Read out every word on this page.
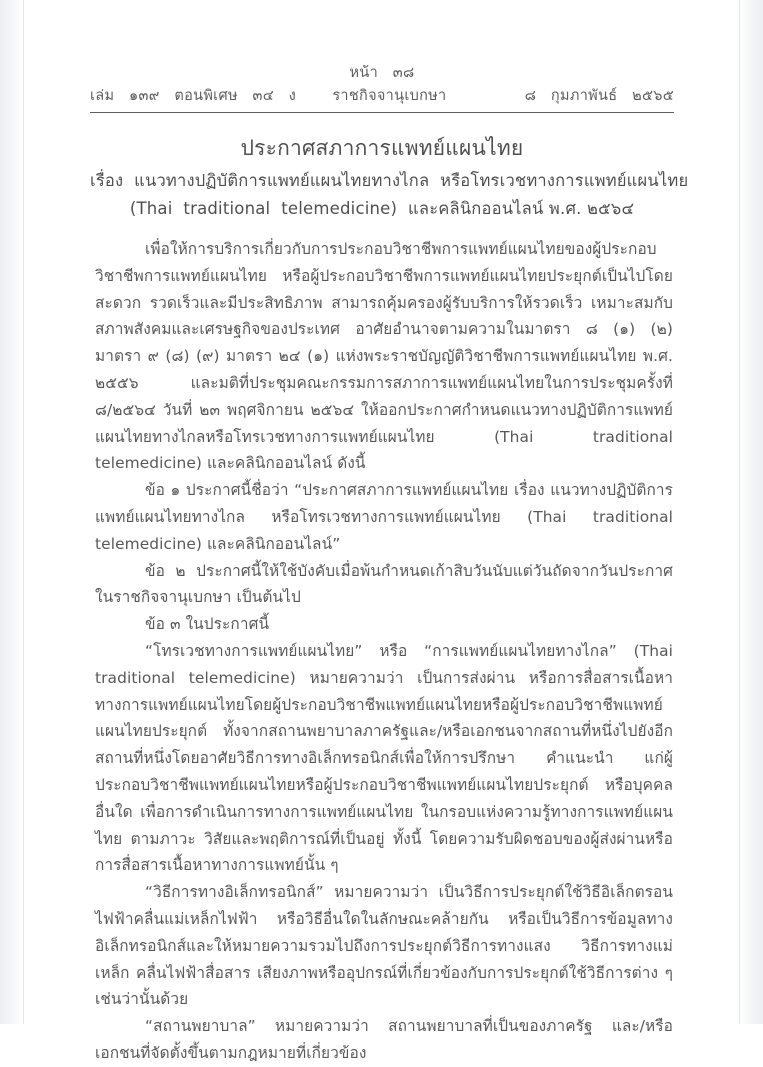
หน้า   ๓๘
เล่ม   ๑๓๙   ตอนพิเศษ   ๓๔   ง	ราชกิจจานุเบกษา	๘   กุมภาพันธ์   ๒๕๖๕
ประกาศสภาการแพทย์แผนไทย
เรื่อง  แนวทางปฏิบัติการแพทย์แผนไทยทางไกล  หรือโทรเวชทางการแพทย์แผนไทย
(Thai  traditional  telemedicine)  และคลินิกออนไลน์ พ.ศ. ๒๕๖๔

เพื่อให้การบริการเกี่ยวกับการประกอบวิชาชีพการแพทย์แผนไทยของผู้ประกอบวิชาชีพการแพทย์แผนไทย หรือผู้ประกอบวิชาชีพการแพทย์แผนไทยประยุกต์เป็นไปโดยสะดวก รวดเร็วและมีประสิทธิภาพ สามารถคุ้มครองผู้รับบริการให้รวดเร็ว เหมาะสมกับสภาพสังคมและเศรษฐกิจของประเทศ อาศัยอำนาจตามความในมาตรา ๘ (๑) (๒) มาตรา ๙ (๘) (๙) มาตรา ๒๔ (๑) แห่งพระราชบัญญัติวิชาชีพการแพทย์แผนไทย พ.ศ. ๒๕๕๖ และมติที่ประชุมคณะกรรมการสภาการแพทย์แผนไทยในการประชุมครั้งที่ ๘/๒๕๖๔ วันที่ ๒๓ พฤศจิกายน ๒๕๖๔ ให้ออกประกาศกำหนดแนวทางปฏิบัติการแพทย์แผนไทยทางไกลหรือโทรเวชทางการแพทย์แผนไทย (Thai traditional telemedicine) และคลินิกออนไลน์ ดังนี้

ข้อ ๑ ประกาศนี้ชื่อว่า “ประกาศสภาการแพทย์แผนไทย เรื่อง แนวทางปฏิบัติการแพทย์แผนไทยทางไกล หรือโทรเวชทางการแพทย์แผนไทย (Thai traditional telemedicine) และคลินิกออนไลน์”

ข้อ ๒ ประกาศนี้ให้ใช้บังคับเมื่อพ้นกำหนดเก้าสิบวันนับแต่วันถัดจากวันประกาศในราชกิจจานุเบกษา เป็นต้นไป

ข้อ ๓ ในประกาศนี้

“โทรเวชทางการแพทย์แผนไทย” หรือ “การแพทย์แผนไทยทางไกล” (Thai traditional telemedicine) หมายความว่า เป็นการส่งผ่าน หรือการสื่อสารเนื้อหาทางการแพทย์แผนไทยโดยผู้ประกอบวิชาชีพแพทย์แผนไทยหรือผู้ประกอบวิชาชีพแพทย์แผนไทยประยุกต์ ทั้งจากสถานพยาบาลภาครัฐและ/หรือเอกชนจากสถานที่หนึ่งไปยังอีกสถานที่หนึ่งโดยอาศัยวิธีการทางอิเล็กทรอนิกส์เพื่อให้การปรึกษา คำแนะนำ แก่ผู้ประกอบวิชาชีพแพทย์แผนไทยหรือผู้ประกอบวิชาชีพแพทย์แผนไทยประยุกต์ หรือบุคคลอื่นใด เพื่อการดำเนินการทางการแพทย์แผนไทย ในกรอบแห่งความรู้ทางการแพทย์แผนไทย ตามภาวะ วิสัยและพฤติการณ์ที่เป็นอยู่ ทั้งนี้ โดยความรับผิดชอบของผู้ส่งผ่านหรือการสื่อสารเนื้อหาทางการแพทย์นั้น ๆ

“วิธีการทางอิเล็กทรอนิกส์” หมายความว่า เป็นวิธีการประยุกต์ใช้วิธีอิเล็กตรอนไฟฟ้าคลื่นแม่เหล็กไฟฟ้า หรือวิธีอื่นใดในลักษณะคล้ายกัน หรือเป็นวิธีการข้อมูลทางอิเล็กทรอนิกส์และให้หมายความรวมไปถึงการประยุกต์วิธีการทางแสง วิธีการทางแม่เหล็ก คลื่นไฟฟ้าสื่อสาร เสียงภาพหรืออุปกรณ์ที่เกี่ยวข้องกับการประยุกต์ใช้วิธีการต่าง ๆ เช่นว่านั้นด้วย

“สถานพยาบาล” หมายความว่า สถานพยาบาลที่เป็นของภาครัฐ และ/หรือเอกชนที่จัดตั้งขึ้นตามกฎหมายที่เกี่ยวข้อง
